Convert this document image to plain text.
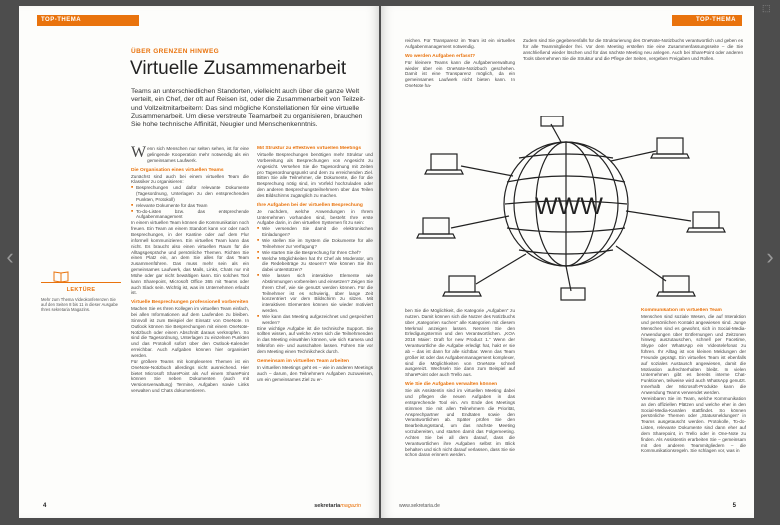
⬚
‹	›
TOP-THEMA
ÜBER GRENZEN HINWEG
Virtuelle Zusammenarbeit

Teams an unterschiedlichen Standorten, vielleicht auch über die ganze Welt verteilt, ein Chef, der oft auf Reisen ist, oder die Zusammenarbeit von Teilzeit- und Vollzeitmitarbeitern: Das sind mögliche Konstellationen für eine virtuelle Zusammenarbeit. Um diese verstreute Teamarbeit zu organisieren, brauchen Sie hohe technische Affinität, Neugier und Menschenkenntnis.

LEKTÜRE
Mehr zum Thema Videokonferenzen Sie auf den Seiten 8 bis 11 in dieser Ausgabe Ihres sekretaria Magazins.

Wenn sich Menschen nur selten sehen, ist für eine gelingende Kooperation mehr notwendig als ein gemeinsames Laufwerk.

Die Organisation eines virtuellen Teams

Zunächst sind auch bei einem virtuellen Team die Klassiker zu organisieren:

■ Besprechungen und dafür relevante Dokumente (Tagesordnung, Unterlagen zu den entsprechenden Punkten, Protokoll)
■ relevante Dokumente für das Team
■ To-do-Listen bzw. das entsprechende Aufgabenmanagement

In einem virtuellen Team können die Kommunikation noch freuen. Ein Team an einem Standort kann vor oder nach Besprechungen, in der Kantine oder auf dem Flur informell kommunizieren. Ein virtuelles Team kann das nicht. Es braucht also einen virtuellen Raum für die Alltagsgespräche und persönliche Themen. Richten Sie einen Platz ein, an dem Sie alles für das Team zusammenführen. Das muss mehr sein als ein gemeinsames Laufwerk, das Mails, Links, Chats nur mit Mühe oder gar nicht bewältigen kann. Ein solches Tool kann Sharepoint, Microsoft Office 365 mit Teams oder auch Slack sein. Wichtig ist, was im Unternehmen erlaubt ist.

Virtuelle Besprechungen professionell vorbereiten

Machen Sie es Ihren Kollegen im virtuellen Team einfach, bei allen Informationen auf dem Laufenden zu bleiben. Sinnvoll ist zum Beispiel der Einsatz von OneNote. In Outlook können Sie Besprechungen mit einem OneNote-Notizbuch oder einem Abschnitt daraus verknüpfen. So sind die Tagesordnung, Unterlagen zu einzelnen Punkten und das Protokoll sofort über den Outlook-Kalender erreichbar. Auch Aufgaben können hier organisiert werden.

Für größere Teams mit komplexeren Themen ist ein OneNote-Notizbuch allerdings nicht ausreichend. Hier bietet Microsoft SharePoint als Auf einem SharePoint können Sie neben Dokumenten (auch mit Versionsverwaltung) Termine, Aufgaben sowie Links verwalten und Chats dokumentieren.

Mit Struktur zu effektiven virtuellen Meetings

Virtuelle Besprechungen benötigen mehr Struktur und Vorbereitung als Besprechungen von Angesicht zu Angesicht. Versehen Sie die Tagesordnung mit Zeiten pro Tagesordnungspunkt und dem zu erreichenden Ziel. Bitten Sie alle Teilnehmer, die Dokumente, die für die Besprechung nötig sind, im Vorfeld hochzuladen oder den anderen Besprechungsteilnehmern über das Teilen des Bildschirms zugänglich zu machen.

Ihre Aufgaben bei der virtuellen Besprechung

Je nachdem, welche Anwendungen in Ihrem Unternehmen vorhanden sind, besteht Ihre erste Aufgabe darin, in den virtuellen Systemen fit zu sein:

■ Wie versenden Sie damit die elektronischen Einladungen?
■ Wie stellen Sie im System die Dokumente für alle Teilnehmer zur Verfügung?
■ Wie starten Sie die Besprechung für Ihren Chef?
■ Welche Möglichkeiten hat Ihr Chef als Moderator, um die Redebeiträge zu steuern? Wie können Sie ihn dabei unterstützen?
■ Wie lassen sich interaktive Elemente wie Abstimmungen vorbereiten und einsetzen? Zeigen Sie Ihrem Chef, wie sie genutzt werden können. Für die Teilnehmer ist es schwierig, über lange Zeit konzentriert vor dem Bildschirm zu sitzen. Mit interaktiven Elementen können sie wieder motiviert werden.
■ Wie kann das Meeting aufgezeichnet und gespeichert werden?

Eine wichtige Aufgabe ist die technische Support. Sie sollten wissen, auf welche Arten sich die Teilnehmenden in das Meeting einwählen können, wie sich Kamera und Mikrofon ein- und ausschalten lassen. Führen Sie vor dem Meeting einen Technikcheck durch.

Gemeinsam im virtuellen Team arbeiten

In virtuellen Meetings geht es – wie in anderen Meetings auch – darum, den Teilnehmern Aufgaben zuzuweisen, um ein gemeinsames Ziel zu er-

4	sekretariamagazin
TOP-THEMA

reichen. Für Transparenz im Team ist ein virtuelles Aufgabenmanagement notwendig.

Wo werden Aufgaben erfasst?

Für kleinere Teams kann die Aufgabenverwaltung wieder über ein OneNote-Notizbuch geschehen. Damit ist eine Transparenz möglich, da ein gemeinsames Laufwerk nicht bieten kann. In OneNote ha-

Zudem sind Sie gegebenenfalls für die Strukturierung des OneNote-Notizbuchs verantwortlich und geben es für alle Teammitglieder frei. Vor dem Meeting erstellen Sie eine Zusammenfassungsseite – die Sie anschließend wieder löschen und für das nächste Meeting neu anlegen. Auch bei SharePoint oder anderen Tools übernehmen Sie die Struktur und die Pflege der Seiten, vergeben Freigaben und Rollen.

WWW

ben Sie die Möglichkeit, die Kategorie „Aufgaben“ zu nutzen. Damit können sich die Nutzer des Notizbuchs über „Kategorien suchen“ alle Kategorien mit diesem Merkmal anzeigen lassen. Nennen Sie den Erledigungstermin und den Verantwortlichen. „KOA 2018 Maier: Draft for new Product 1.“ Wenn der Verantwortliche die Aufgabe erledigt hat, hakt er sie ab – das ist dann für alle sichtbar. Wenn das Team größer ist oder das Aufgabenmanagement komplexer, sind die Möglichkeiten von OneNote schnell ausgereizt. Wechseln Sie dann zum Beispiel auf SharePoint oder auch Trello aus.

Wie Sie die Aufgaben verwalten können

Sie als Assistentin sind im virtuellen Meeting dabei und pflegen die neuen Aufgaben in das entsprechende Tool ein. Am Ende des Meetings stimmen Sie mit allen Teilnehmern die Priorität, Ansprechpartner und Endtaten sowie den Verantwortlichen ab. Später prüfen Sie den Bearbeitungsstand, um das nächste Meeting vorzubereiten, und starten damit das Folgemeeting. Achten Sie bei all dem darauf, dass die Verantwortlichen ihre Aufgaben selbst im Blick behalten und sich nicht darauf verlassen, dass Sie sie schon daran erinnern werden.

Kommunikation im virtuellen Team

Menschen sind soziale Wesen, die auf Interaktion und persönlichen Kontakt angewiesen sind. Junge Menschen sind es gewohnt, sich in Social-Media-Anwendungen über Entfernungen und Zeitzonen hinweg auszutauschen, schnell per Facetime, Skype oder WhatsApp ein Videotelefonat zu führen. Ihr Alltag ist von kleinen Meldungen der Freunde geprägt. Ein virtuelles Team ist ebenfalls auf soziales Austausch angewiesen, damit die Motivation aufrechterhalten bleibt. In vielen Unternehmen gibt es bereits interne Chat-Funktionen, teilweise wird auch WhatsApp genutzt. Innerhalb der Microsoft-Produkte kann die Anwendung Teams verwendet werden.

Vereinbaren Sie im Team, welche Kommunikation an den offiziellen Plätzen und welche eher in den Social-Media-Kanälen stattfindet. So können persönliche Themen oder „Statusmeldungen“ in Teams ausgetauscht werden. Protokolle, To-do-Listen, relevante Dokumente sind dann eher auf dem Sharepoint, in Trello oder in One-Note zu finden. Als Assistentin erarbeiten Sie – gemeinsam mit den anderen Teammitgliedern – die Kommunikationsregeln. Sie schlagen vor, was in

www.sekretaria.de	5
